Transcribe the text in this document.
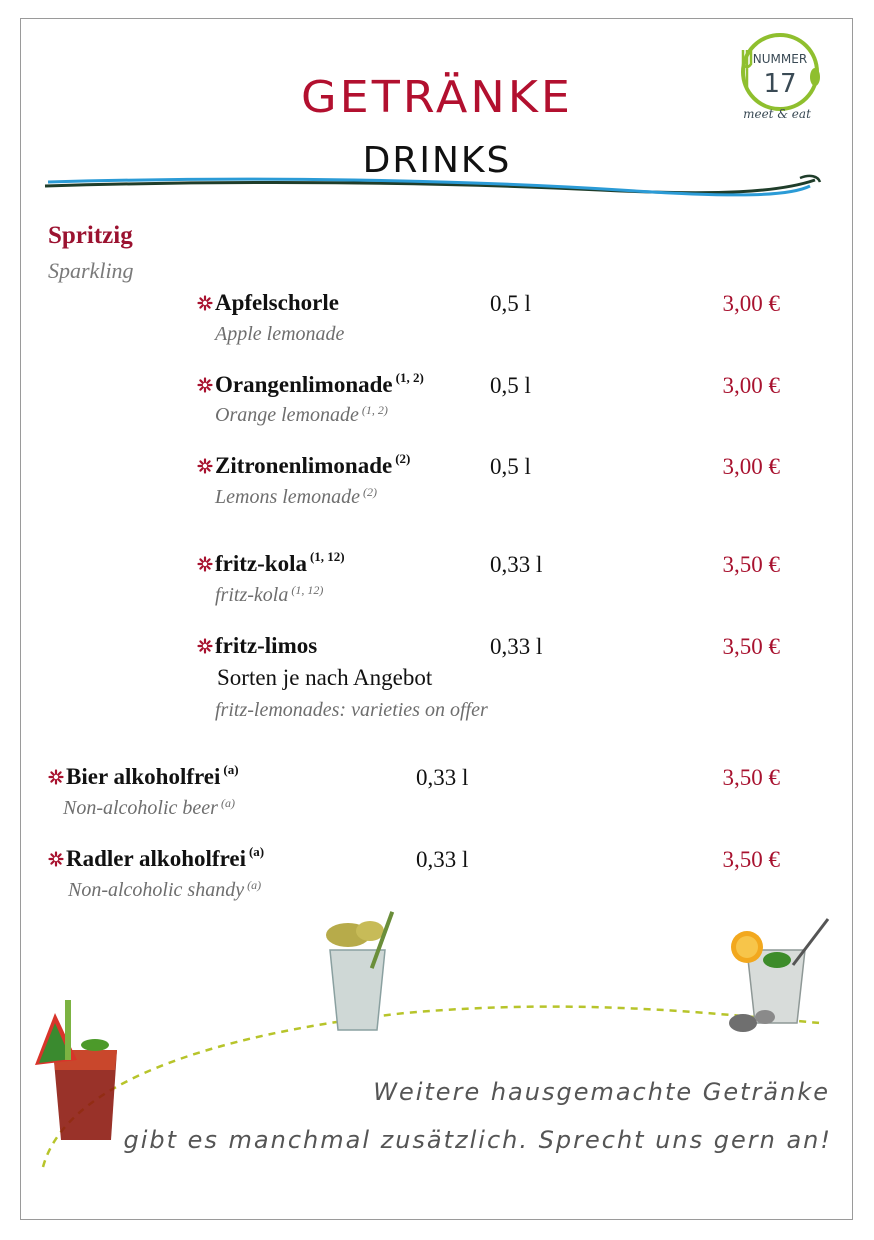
NUMMER
17
meet & eat
GETRÄNKE
DRINKS
Spritzig
Sparkling
Apfelschorle
Apple lemonade
0,5 l	3,00 €
Orangenlimonade $^{(1, 2)}$
Orange lemonade $^{(1, 2)}$
0,5 l	3,00 €
Zitronenlimonade $^{(2)}$
Lemons lemonade $^{(2)}$
0,5 l	3,00 €
fritz-kola $^{(1, 12)}$
fritz-kola $^{(1, 12)}$
0,33 l	3,50 €
fritz-limos
Sorten je nach Angebot
fritz-lemonades: varieties on offer
0,33 l	3,50 €
Bier alkoholfrei $^{(a)}$
Non-alcoholic beer $^{(a)}$
0,33 l	3,50 €
Radler alkoholfrei $^{(a)}$
Non-alcoholic shandy $^{(a)}$
0,33 l	3,50 €
Weitere hausgemachte Getränke
gibt es manchmal zusätzlich. Sprecht uns gern an!
